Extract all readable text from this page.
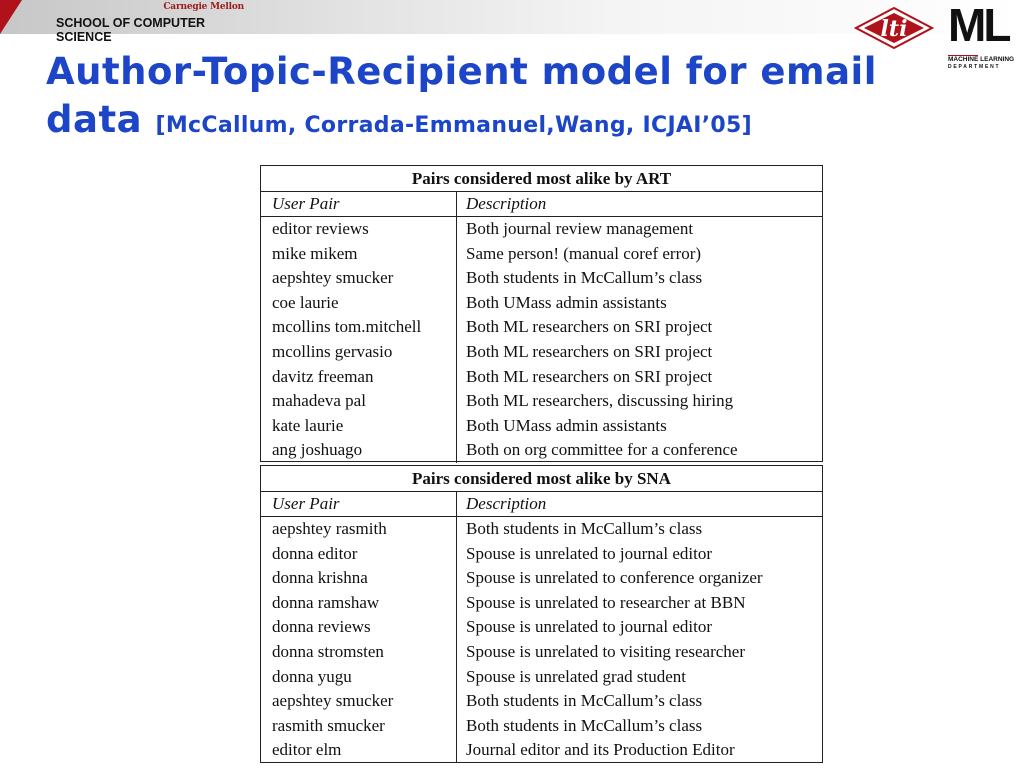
Carnegie Mellon
SCHOOL OF COMPUTER SCIENCE	lti ML
MACHINE LEARNING
DEPARTMENT
Author-Topic-Recipient model for email
data [McCallum, Corrada-Emmanuel,Wang, ICJAI’05]
Pairs considered most alike by ART
User Pair	Description
editor reviews	Both journal review management
mike mikem	Same person! (manual coref error)
aepshtey smucker	Both students in McCallum’s class
coe laurie	Both UMass admin assistants
mcollins tom.mitchell	Both ML researchers on SRI project
mcollins gervasio	Both ML researchers on SRI project
davitz freeman	Both ML researchers on SRI project
mahadeva pal	Both ML researchers, discussing hiring
kate laurie	Both UMass admin assistants
ang joshuago	Both on org committee for a conference
Pairs considered most alike by SNA
User Pair	Description
aepshtey rasmith	Both students in McCallum’s class
donna editor	Spouse is unrelated to journal editor
donna krishna	Spouse is unrelated to conference organizer
donna ramshaw	Spouse is unrelated to researcher at BBN
donna reviews	Spouse is unrelated to journal editor
donna stromsten	Spouse is unrelated to visiting researcher
donna yugu	Spouse is unrelated grad student
aepshtey smucker	Both students in McCallum’s class
rasmith smucker	Both students in McCallum’s class
editor elm	Journal editor and its Production Editor
